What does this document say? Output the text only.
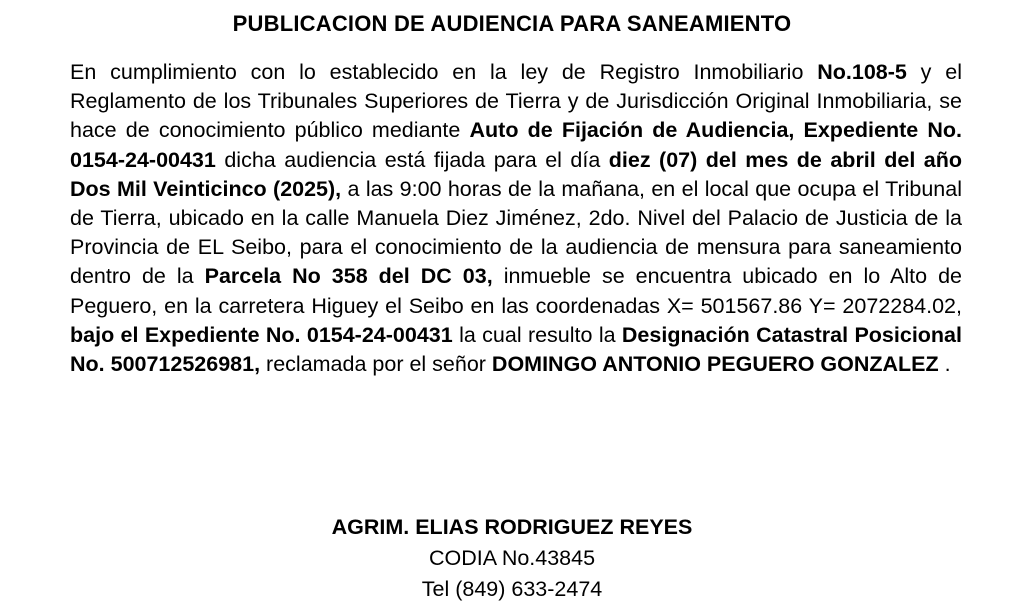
PUBLICACION DE AUDIENCIA PARA SANEAMIENTO
En cumplimiento con lo establecido en la ley de Registro Inmobiliario No.108-5 y el Reglamento de los Tribunales Superiores de Tierra y de Jurisdicción Original Inmobiliaria, se hace de conocimiento público mediante Auto de Fijación de Audiencia, Expediente No. 0154-24-00431 dicha audiencia está fijada para el día diez (07) del mes de abril del año Dos Mil Veinticinco (2025), a las 9:00 horas de la mañana, en el local que ocupa el Tribunal de Tierra, ubicado en la calle Manuela Diez Jiménez, 2do. Nivel del Palacio de Justicia de la Provincia de EL Seibo, para el conocimiento de la audiencia de mensura para saneamiento dentro de la Parcela No 358 del DC 03, inmueble se encuentra ubicado en lo Alto de Peguero, en la carretera Higuey el Seibo en las coordenadas X= 501567.86 Y= 2072284.02, bajo el Expediente No. 0154-24-00431 la cual resulto la Designación Catastral Posicional No. 500712526981, reclamada por el señor DOMINGO ANTONIO PEGUERO GONZALEZ .
AGRIM. ELIAS RODRIGUEZ REYES
CODIA No.43845
Tel (849) 633-2474
